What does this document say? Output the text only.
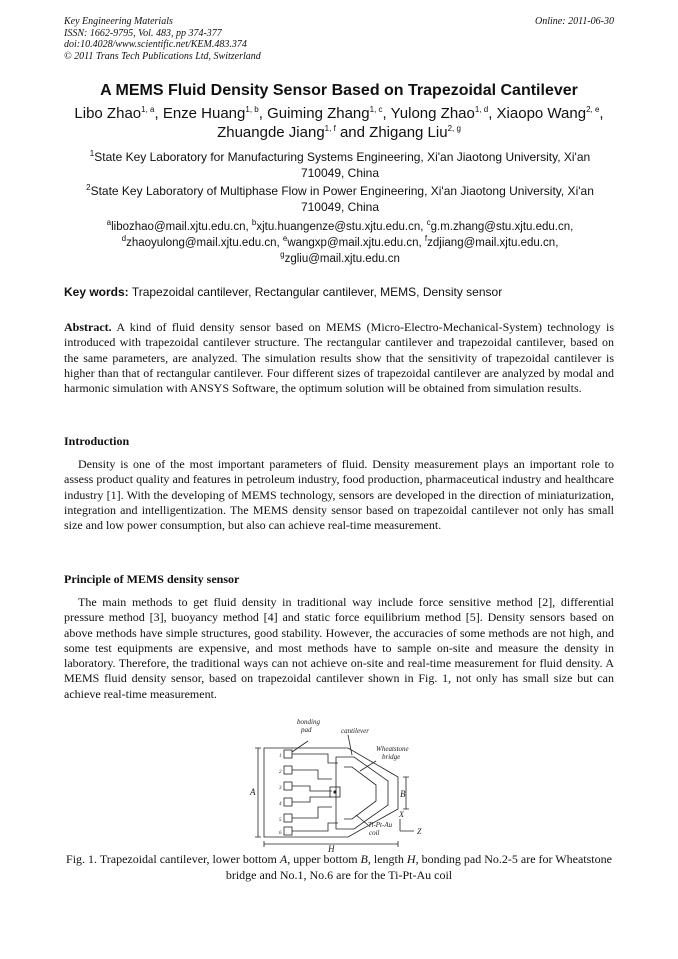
Key Engineering Materials
ISSN: 1662-9795, Vol. 483, pp 374-377
doi:10.4028/www.scientific.net/KEM.483.374
© 2011 Trans Tech Publications Ltd, Switzerland
Online: 2011-06-30
A MEMS Fluid Density Sensor Based on Trapezoidal Cantilever
Libo Zhao$^{1, a}$, Enze Huang$^{1, b}$, Guiming Zhang$^{1, c}$, Yulong Zhao$^{1, d}$, Xiaopo Wang$^{2, e}$, Zhuangde Jiang$^{1, f}$ and Zhigang Liu$^{2, g}$
$^1$State Key Laboratory for Manufacturing Systems Engineering, Xi'an Jiaotong University, Xi'an 710049, China
$^2$State Key Laboratory of Multiphase Flow in Power Engineering, Xi'an Jiaotong University, Xi'an 710049, China
$^a$libozhao@mail.xjtu.edu.cn, $^b$xjtu.huangenze@stu.xjtu.edu.cn, $^c$g.m.zhang@stu.xjtu.edu.cn,
$^d$zhaoyulong@mail.xjtu.edu.cn, $^e$wangxp@mail.xjtu.edu.cn, $^f$zdjiang@mail.xjtu.edu.cn,
$^g$zgliu@mail.xjtu.edu.cn
Key words: Trapezoidal cantilever, Rectangular cantilever, MEMS, Density sensor
Abstract. A kind of fluid density sensor based on MEMS (Micro-Electro-Mechanical-System) technology is introduced with trapezoidal cantilever structure. The rectangular cantilever and trapezoidal cantilever, based on the same parameters, are analyzed. The simulation results show that the sensitivity of trapezoidal cantilever is higher than that of rectangular cantilever. Four different sizes of trapezoidal cantilever are analyzed by modal and harmonic simulation with ANSYS Software, the optimum solution will be obtained from simulation results.
Introduction
Density is one of the most important parameters of fluid. Density measurement plays an important role to assess product quality and features in petroleum industry, food production, pharmaceutical industry and healthcare industry [1]. With the developing of MEMS technology, sensors are developed in the direction of miniaturization, integration and intelligentization. The MEMS density sensor based on trapezoidal cantilever not only has small size and low power consumption, but also can achieve real-time measurement.
Principle of MEMS density sensor
The main methods to get fluid density in traditional way include force sensitive method [2], differential pressure method [3], buoyancy method [4] and static force equilibrium method [5]. Density sensors based on above methods have simple structures, good stability. However, the accuracies of some methods are not high, and some test equipments are expensive, and most methods have to sample on-site and measure the density in laboratory. Therefore, the traditional ways can not achieve on-site and real-time measurement for fluid density. A MEMS fluid density sensor, based on trapezoidal cantilever shown in Fig. 1, not only has small size but can achieve real-time measurement.
bonding
pad	cantilever
Wheatstone
bridge
Ti-Pt-Au
coil
A	B
H
X
Z
1
2
3
4
5
6
Fig. 1. Trapezoidal cantilever, lower bottom A, upper bottom B, length H, bonding pad No.2-5 are for Wheatstone bridge and No.1, No.6 are for the Ti-Pt-Au coil
